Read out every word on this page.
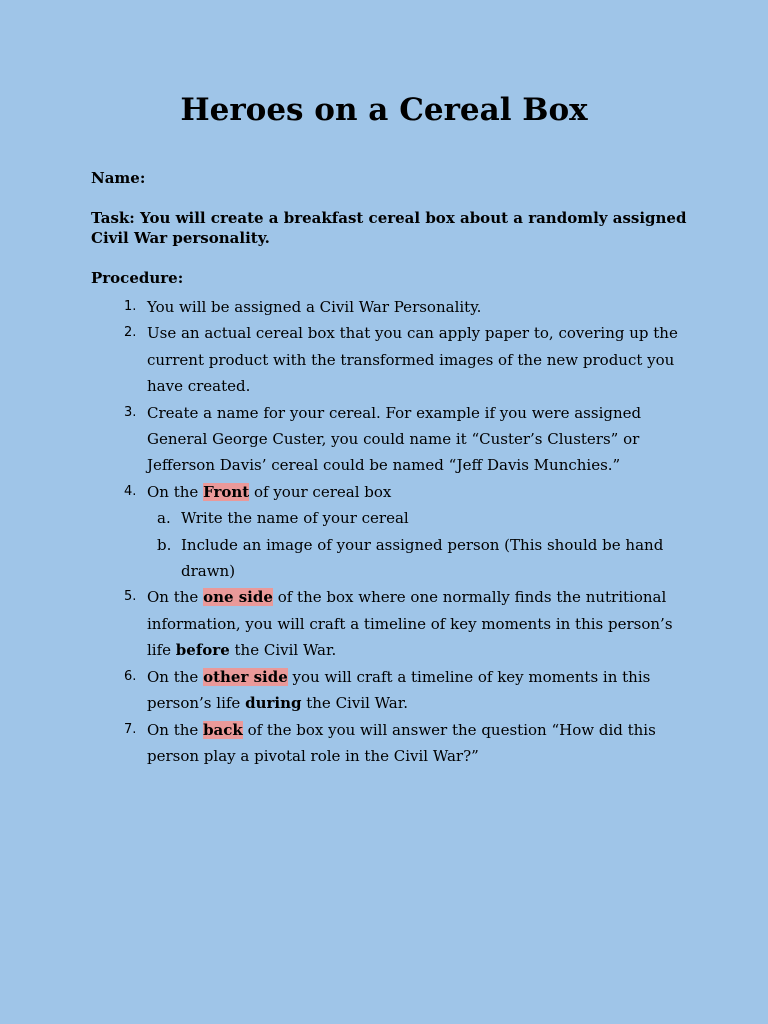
Heroes on a Cereal Box

Name:

Task: You will create a breakfast cereal box about a randomly assigned Civil War personality.

Procedure:

1. You will be assigned a Civil War Personality.
2. Use an actual cereal box that you can apply paper to, covering up the current product with the transformed images of the new product you have created.
3. Create a name for your cereal. For example if you were assigned General George Custer, you could name it “Custer’s Clusters” or Jefferson Davis’ cereal could be named “Jeff Davis Munchies.”
4. On the Front of your cereal box
a. Write the name of your cereal
b. Include an image of your assigned person (This should be hand drawn)
5. On the one side of the box where one normally finds the nutritional information, you will craft a timeline of key moments in this person’s life before the Civil War.
6. On the other side you will craft a timeline of key moments in this person’s life during the Civil War.
7. On the back of the box you will answer the question “How did this person play a pivotal role in the Civil War?”
